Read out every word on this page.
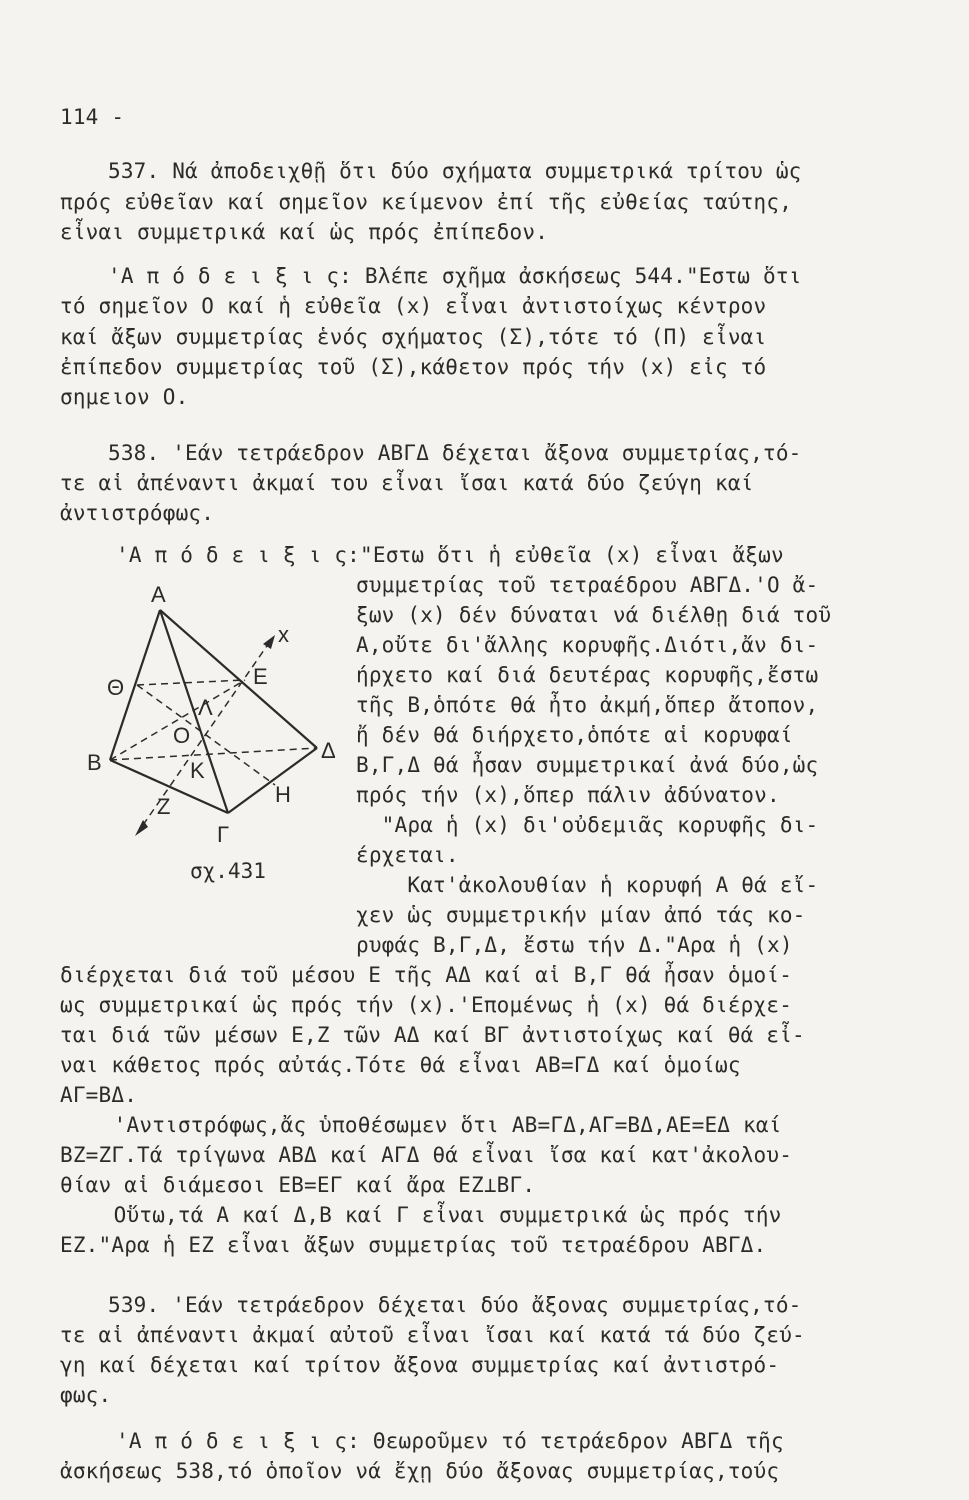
114 -
537. Νά ἀποδειχθῇ ὅτι δύο σχήματα συμμετρικά τρίτου ὡς
πρός εὐθεῖαν καί σημεῖον κείμενον ἐπί τῆς εὐθείας ταύτης,
εἶναι συμμετρικά καί ὡς πρός ἐπίπεδον.
'Α π ό δ ε ι ξ ι ς: Βλέπε σχῆμα ἀσκήσεως 544."Εστω ὅτι
τό σημεῖον Ο καί ἡ εὐθεῖα (x) εἶναι ἀντιστοίχως κέντρον
καί ἄξων συμμετρίας ἑνός σχήματος (Σ),τότε τό (Π) εἶναι
ἐπίπεδον συμμετρίας τοῦ (Σ),κάθετον πρός τήν (x) εἰς τό
σημειον Ο.
538. 'Εάν τετράεδρον ΑΒΓΔ δέχεται ἄξονα συμμετρίας,τό-
τε αἱ ἀπέναντι ἀκμαί του εἶναι ἴσαι κατά δύο ζεύγη καί
ἀντιστρόφως.
'Α π ό δ ε ι ξ ι ς:"Εστω ὅτι ἡ εὐθεῖα (x) εἶναι ἄξων
συμμετρίας τοῦ τετραέδρου ΑΒΓΔ.'Ο ἄ-
ξων (x) δέν δύναται νά διέλθῃ διά τοῦ
Α,οὔτε δι'ἄλλης κορυφῆς.Διότι,ἄν δι-
ήρχετο καί διά δευτέρας κορυφῆς,ἔστω
τῆς Β,ὁπότε θά ἦτο ἀκμή,ὅπερ ἄτοπον,
ἤ δέν θά διήρχετο,ὁπότε αἱ κορυφαί
Β,Γ,Δ θά ἦσαν συμμετρικαί ἀνά δύο,ὡς
πρός τήν (x),ὅπερ πάλιν ἀδύνατον.
"Αρα ἡ (x) δι'οὐδεμιᾶς κορυφῆς δι-
έρχεται.
Κατ'ἀκολουθίαν ἡ κορυφή Α θά εἴ-
χεν ὡς συμμετρικήν μίαν ἀπό τάς κο-
ρυφάς Β,Γ,Δ, ἔστω τήν Δ."Αρα ἡ (x)
Α
x
Θ	Ε
Λ
Ο
Δ
Β	Κ
Η
Ζ
Γ
σχ.431
διέρχεται διά τοῦ μέσου Ε τῆς ΑΔ καί αἱ Β,Γ θά ἦσαν ὁμοί-
ως συμμετρικαί ὡς πρός τήν (x).'Επομένως ἡ (x) θά διέρχε-
ται διά τῶν μέσων Ε,Ζ τῶν ΑΔ καί ΒΓ ἀντιστοίχως καί θά εἶ-
ναι κάθετος πρός αὐτάς.Τότε θά εἶναι ΑΒ=ΓΔ καί ὁμοίως
ΑΓ=ΒΔ.
'Αντιστρόφως,ἄς ὑποθέσωμεν ὅτι ΑΒ=ΓΔ,ΑΓ=ΒΔ,ΑΕ=ΕΔ καί
ΒΖ=ΖΓ.Τά τρίγωνα ΑΒΔ καί ΑΓΔ θά εἶναι ἴσα καί κατ'ἀκολου-
θίαν αἱ διάμεσοι ΕΒ=ΕΓ καί ἄρα ΕΖ⊥ΒΓ.
Οὕτω,τά Α καί Δ,Β καί Γ εἶναι συμμετρικά ὡς πρός τήν
ΕΖ."Αρα ἡ ΕΖ εἶναι ἄξων συμμετρίας τοῦ τετραέδρου ΑΒΓΔ.
539. 'Εάν τετράεδρον δέχεται δύο ἄξονας συμμετρίας,τό-
τε αἱ ἀπέναντι ἀκμαί αὐτοῦ εἶναι ἴσαι καί κατά τά δύο ζεύ-
γη καί δέχεται καί τρίτον ἄξονα συμμετρίας καί ἀντιστρό-
φως.
'Α π ό δ ε ι ξ ι ς: Θεωροῦμεν τό τετράεδρον ΑΒΓΔ τῆς
ἀσκήσεως 538,τό ὁποῖον νά ἔχῃ δύο ἄξονας συμμετρίας,τούς
